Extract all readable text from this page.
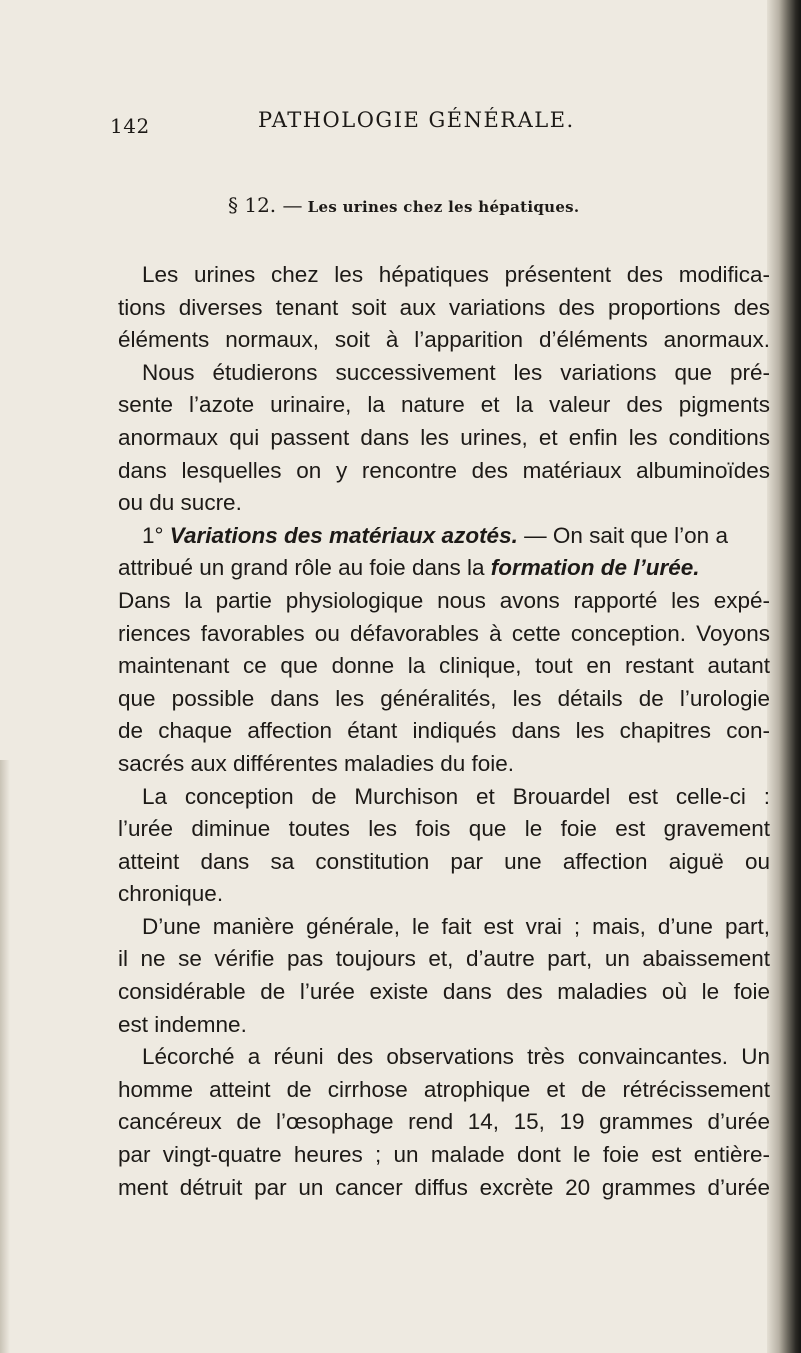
142	PATHOLOGIE GÉNÉRALE.
§ 12. — Les urines chez les hépatiques.
Les urines chez les hépatiques présentent des modifica-
tions diverses tenant soit aux variations des proportions des
éléments normaux, soit à l’apparition d’éléments anormaux.
Nous étudierons successivement les variations que pré-
sente l’azote urinaire, la nature et la valeur des pigments
anormaux qui passent dans les urines, et enfin les conditions
dans lesquelles on y rencontre des matériaux albuminoïdes
ou du sucre.
1° Variations des matériaux azotés. — On sait que l’on a
attribué un grand rôle au foie dans la formation de l’urée.
Dans la partie physiologique nous avons rapporté les expé-
riences favorables ou défavorables à cette conception. Voyons
maintenant ce que donne la clinique, tout en restant autant
que possible dans les généralités, les détails de l’urologie
de chaque affection étant indiqués dans les chapitres con-
sacrés aux différentes maladies du foie.
La conception de Murchison et Brouardel est celle-ci :
l’urée diminue toutes les fois que le foie est gravement
atteint dans sa constitution par une affection aiguë ou
chronique.
D’une manière générale, le fait est vrai ; mais, d’une part,
il ne se vérifie pas toujours et, d’autre part, un abaissement
considérable de l’urée existe dans des maladies où le foie
est indemne.
Lécorché a réuni des observations très convaincantes. Un
homme atteint de cirrhose atrophique et de rétrécissement
cancéreux de l’œsophage rend 14, 15, 19 grammes d’urée
par vingt-quatre heures ; un malade dont le foie est entière-
ment détruit par un cancer diffus excrète 20 grammes d’urée
